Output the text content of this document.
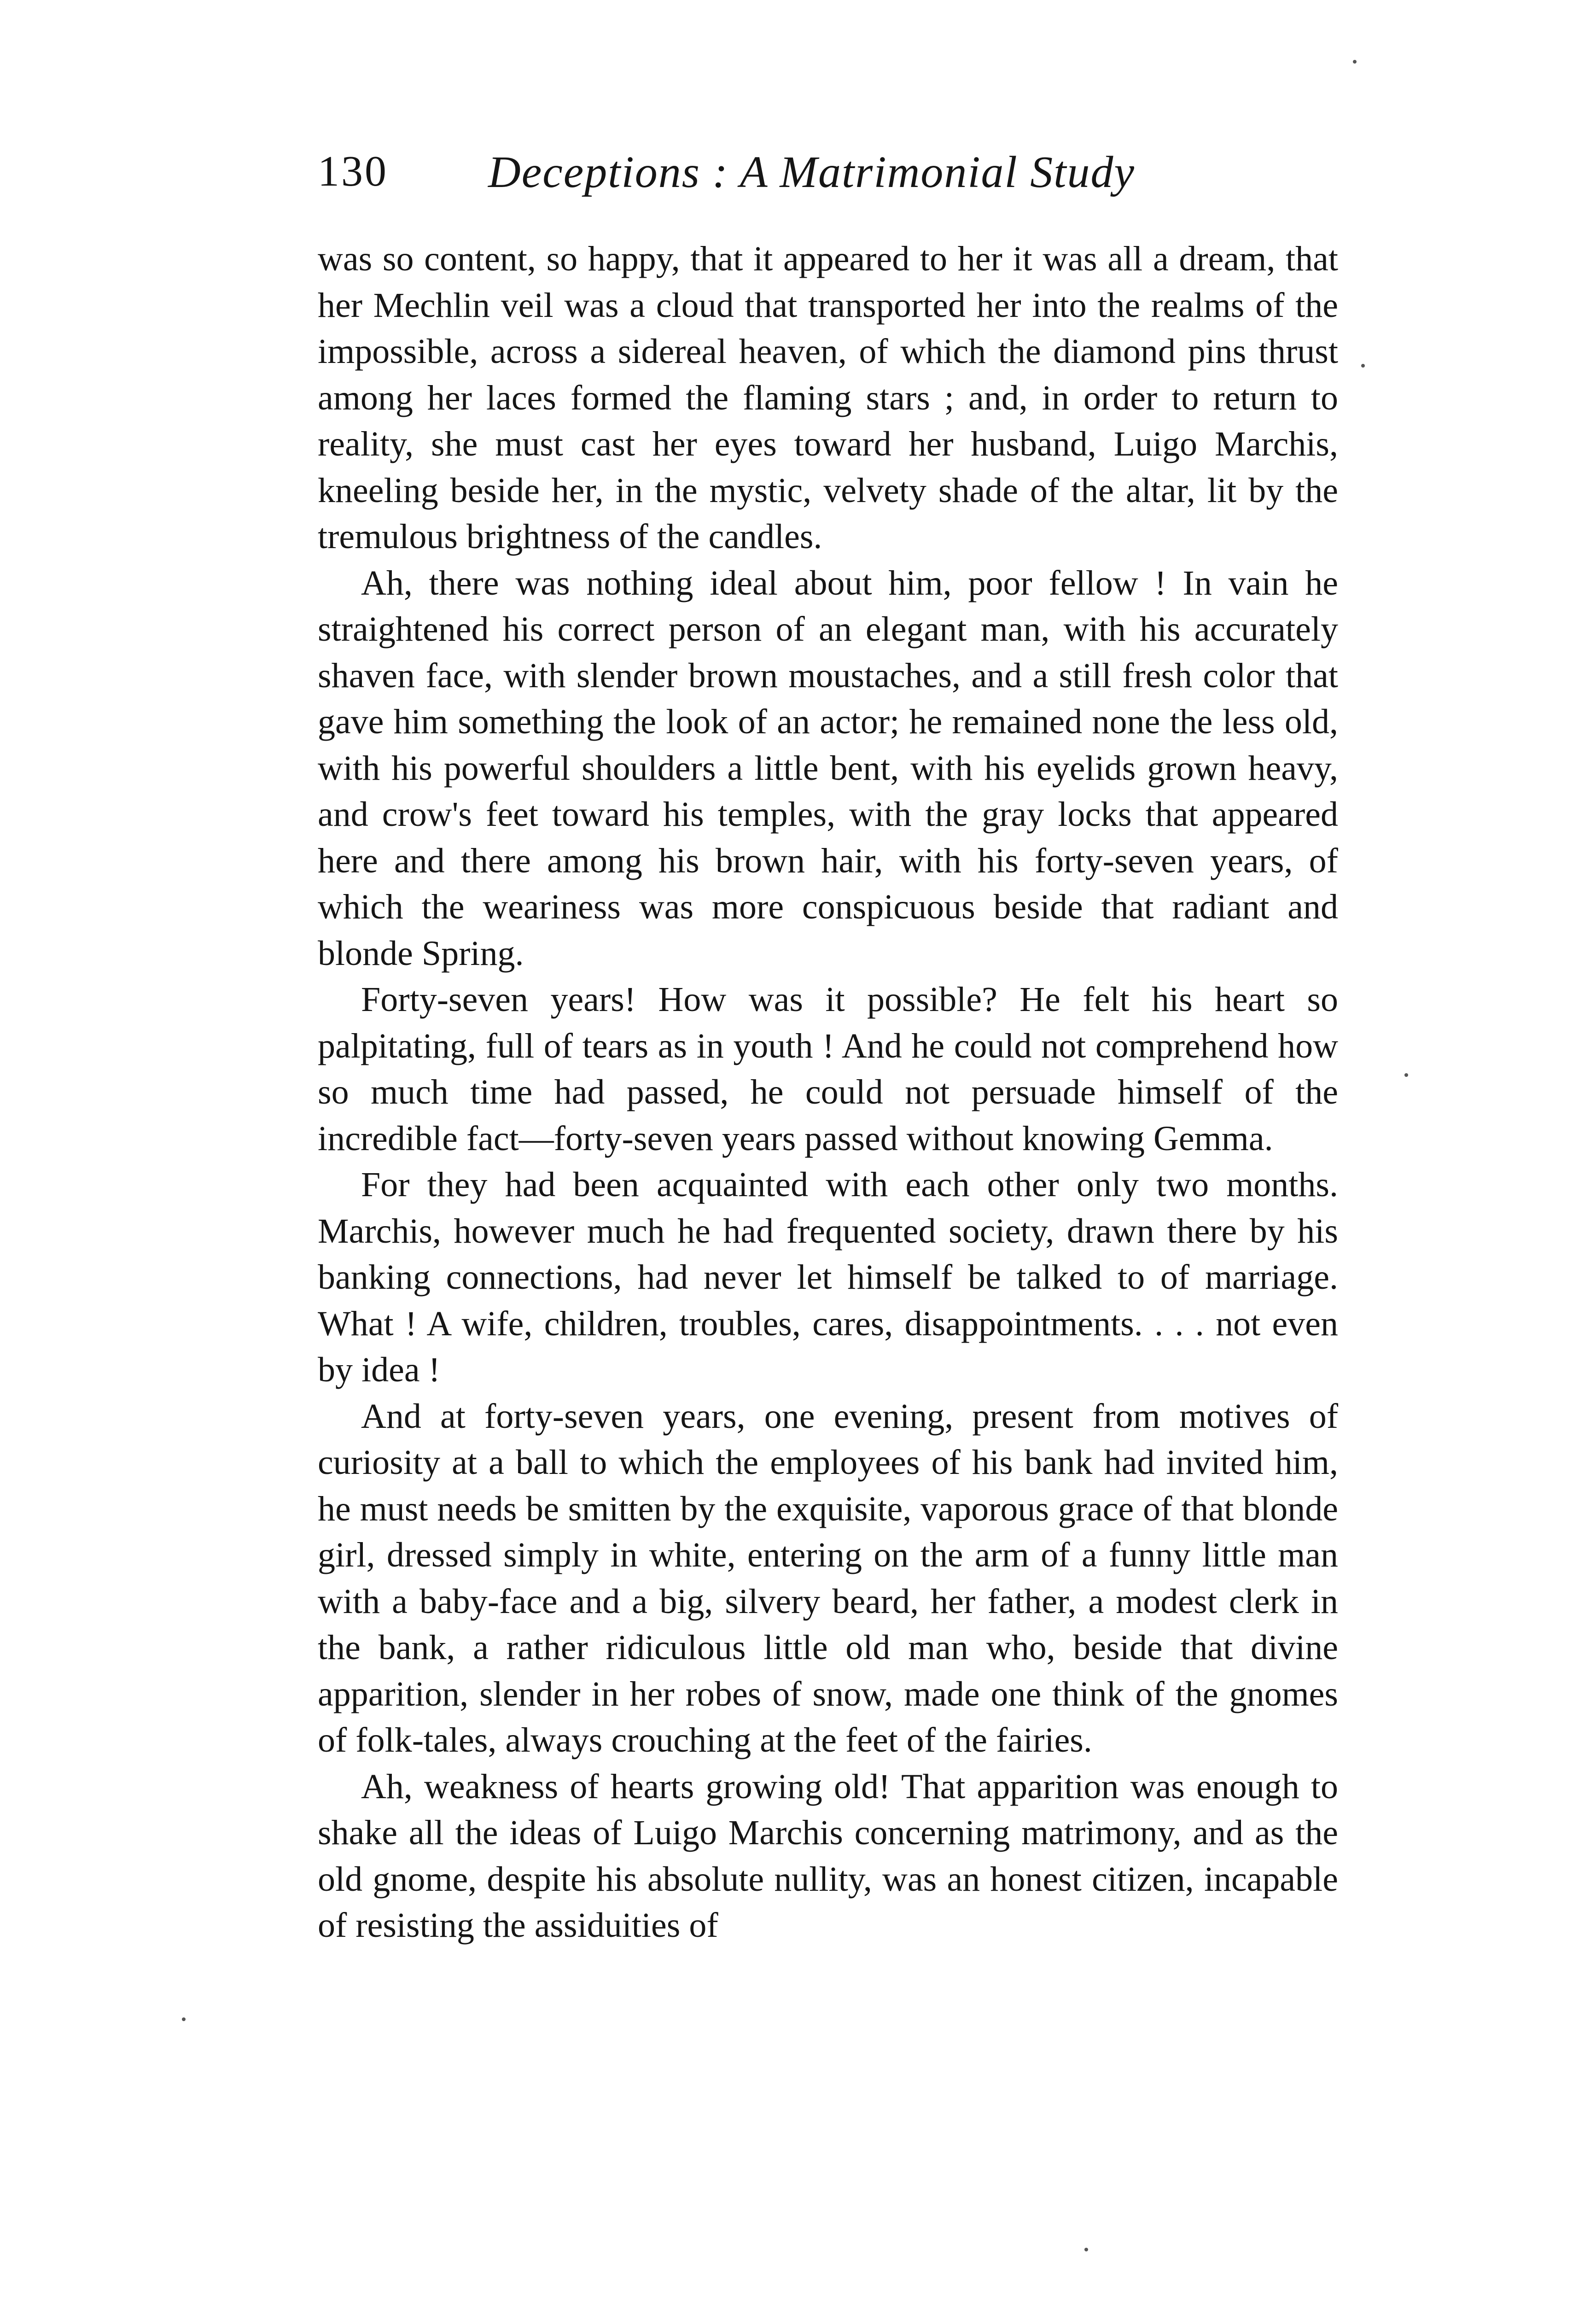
130 Deceptions : A Matrimonial Study

was so content, so happy, that it appeared to her it was all a dream, that her Mechlin veil was a cloud that transported her into the realms of the impossible, across a sidereal heaven, of which the diamond pins thrust among her laces formed the flaming stars ; and, in order to return to reality, she must cast her eyes toward her husband, Luigo Marchis, kneeling beside her, in the mystic, velvety shade of the altar, lit by the tremulous brightness of the candles.

Ah, there was nothing ideal about him, poor fellow ! In vain he straightened his correct person of an elegant man, with his accurately shaven face, with slender brown moustaches, and a still fresh color that gave him something the look of an actor; he remained none the less old, with his powerful shoulders a little bent, with his eyelids grown heavy, and crow's feet toward his temples, with the gray locks that appeared here and there among his brown hair, with his forty-seven years, of which the weariness was more conspicuous beside that radiant and blonde Spring.

Forty-seven years! How was it possible? He felt his heart so palpitating, full of tears as in youth ! And he could not comprehend how so much time had passed, he could not persuade himself of the incredible fact—forty-seven years passed without knowing Gemma.

For they had been acquainted with each other only two months. Marchis, however much he had frequented society, drawn there by his banking connections, had never let himself be talked to of marriage. What ! A wife, children, troubles, cares, disappointments. . . . not even by idea !

And at forty-seven years, one evening, present from motives of curiosity at a ball to which the employees of his bank had invited him, he must needs be smitten by the exquisite, vaporous grace of that blonde girl, dressed simply in white, entering on the arm of a funny little man with a baby-face and a big, silvery beard, her father, a modest clerk in the bank, a rather ridiculous little old man who, beside that divine apparition, slender in her robes of snow, made one think of the gnomes of folk-tales, always crouching at the feet of the fairies.

Ah, weakness of hearts growing old! That apparition was enough to shake all the ideas of Luigo Marchis concerning matrimony, and as the old gnome, despite his absolute nullity, was an honest citizen, incapable of resisting the assiduities of
